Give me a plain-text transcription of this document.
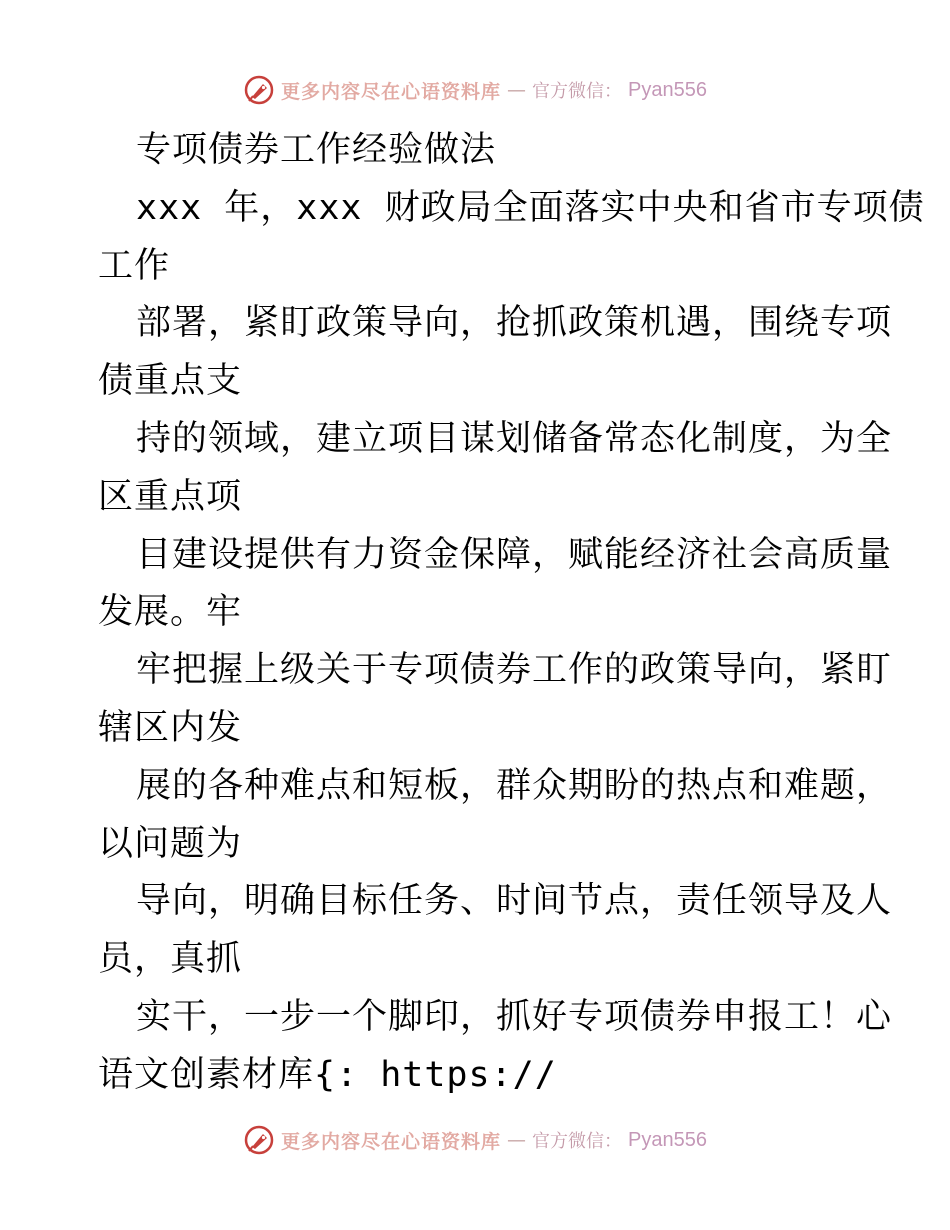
更多内容尽在心语资料库 — 官方微信： Pyan556
专项债券工作经验做法
xxx 年，xxx 财政局全面落实中央和省市专项债
工作
部署，紧盯政策导向，抢抓政策机遇，围绕专项
债重点支
持的领域，建立项目谋划储备常态化制度，为全
区重点项
目建设提供有力资金保障，赋能经济社会高质量
发展。牢
牢把握上级关于专项债券工作的政策导向，紧盯
辖区内发
展的各种难点和短板，群众期盼的热点和难题，
以问题为
导向，明确目标任务、时间节点，责任领导及人
员，真抓
实干，一步一个脚印，抓好专项债券申报工！心
语文创素材库{: https://
更多内容尽在心语资料库 — 官方微信： Pyan556
